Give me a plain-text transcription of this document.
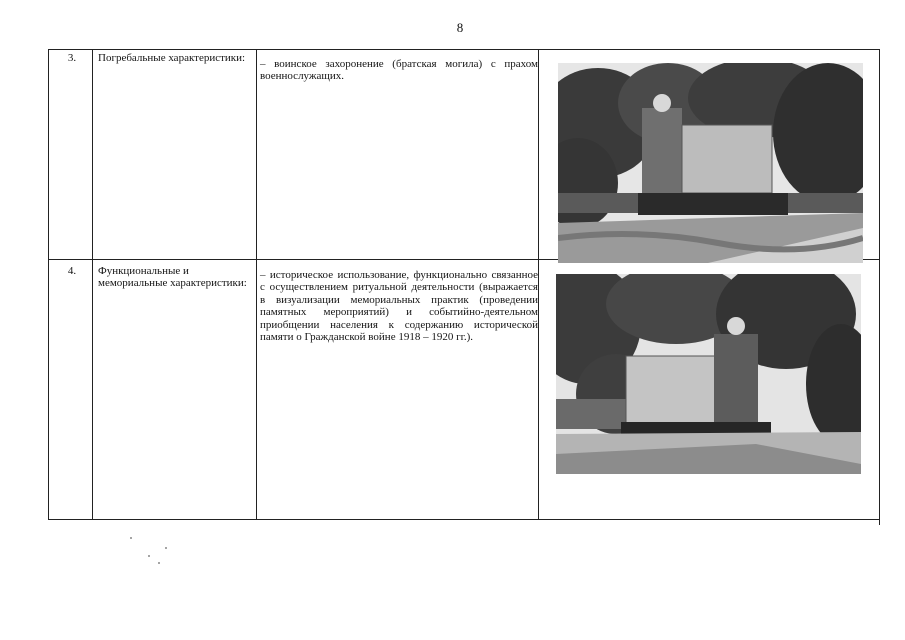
8
3.	Погребальные характеристики: – воинское захоронение (братская могила) с прахом военнослужащих.
4.	Функциональные и мемориальные характеристики:
– историческое использование, функционально связанное с осуществлением ритуальной деятельности (выражается в визуализации мемориальных практик (проведении памятных мероприятий) и событийно-деятельном приобщении населения к содержанию исторической памяти о Гражданской войне 1918 – 1920 гг.).
